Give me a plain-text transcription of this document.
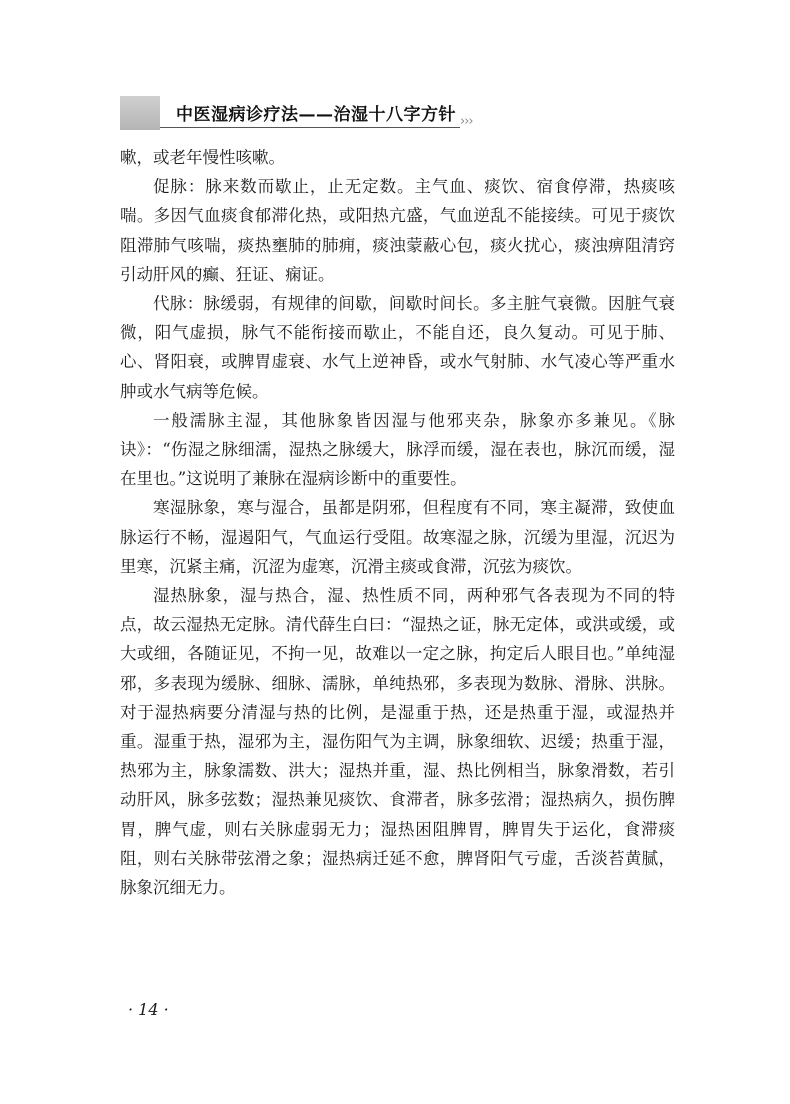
中医湿病诊疗法——治湿十八字方针 ›››

嗽，或老年慢性咳嗽。

促脉：脉来数而歇止，止无定数。主气血、痰饮、宿食停滞，热痰咳喘。多因气血痰食郁滞化热，或阳热亢盛，气血逆乱不能接续。可见于痰饮阻滞肺气咳喘，痰热壅肺的肺痈，痰浊蒙蔽心包，痰火扰心，痰浊痹阻清窍引动肝风的癫、狂证、痫证。

代脉：脉缓弱，有规律的间歇，间歇时间长。多主脏气衰微。因脏气衰微，阳气虚损，脉气不能衔接而歇止，不能自还，良久复动。可见于肺、心、肾阳衰，或脾胃虚衰、水气上逆神昏，或水气射肺、水气凌心等严重水肿或水气病等危候。

一般濡脉主湿，其他脉象皆因湿与他邪夹杂，脉象亦多兼见。《脉诀》：“伤湿之脉细濡，湿热之脉缓大，脉浮而缓，湿在表也，脉沉而缓，湿在里也。”这说明了兼脉在湿病诊断中的重要性。

寒湿脉象，寒与湿合，虽都是阴邪，但程度有不同，寒主凝滞，致使血脉运行不畅，湿遏阳气，气血运行受阻。故寒湿之脉，沉缓为里湿，沉迟为里寒，沉紧主痛，沉涩为虚寒，沉滑主痰或食滞，沉弦为痰饮。

湿热脉象，湿与热合，湿、热性质不同，两种邪气各表现为不同的特点，故云湿热无定脉。清代薛生白曰：“湿热之证，脉无定体，或洪或缓，或大或细，各随证见，不拘一见，故难以一定之脉，拘定后人眼目也。”单纯湿邪，多表现为缓脉、细脉、濡脉，单纯热邪，多表现为数脉、滑脉、洪脉。对于湿热病要分清湿与热的比例，是湿重于热，还是热重于湿，或湿热并重。湿重于热，湿邪为主，湿伤阳气为主调，脉象细软、迟缓；热重于湿，热邪为主，脉象濡数、洪大；湿热并重，湿、热比例相当，脉象滑数，若引动肝风，脉多弦数；湿热兼见痰饮、食滞者，脉多弦滑；湿热病久，损伤脾胃，脾气虚，则右关脉虚弱无力；湿热困阻脾胃，脾胃失于运化，食滞痰阻，则右关脉带弦滑之象；湿热病迁延不愈，脾肾阳气亏虚，舌淡苔黄腻，脉象沉细无力。

· 14 ·
